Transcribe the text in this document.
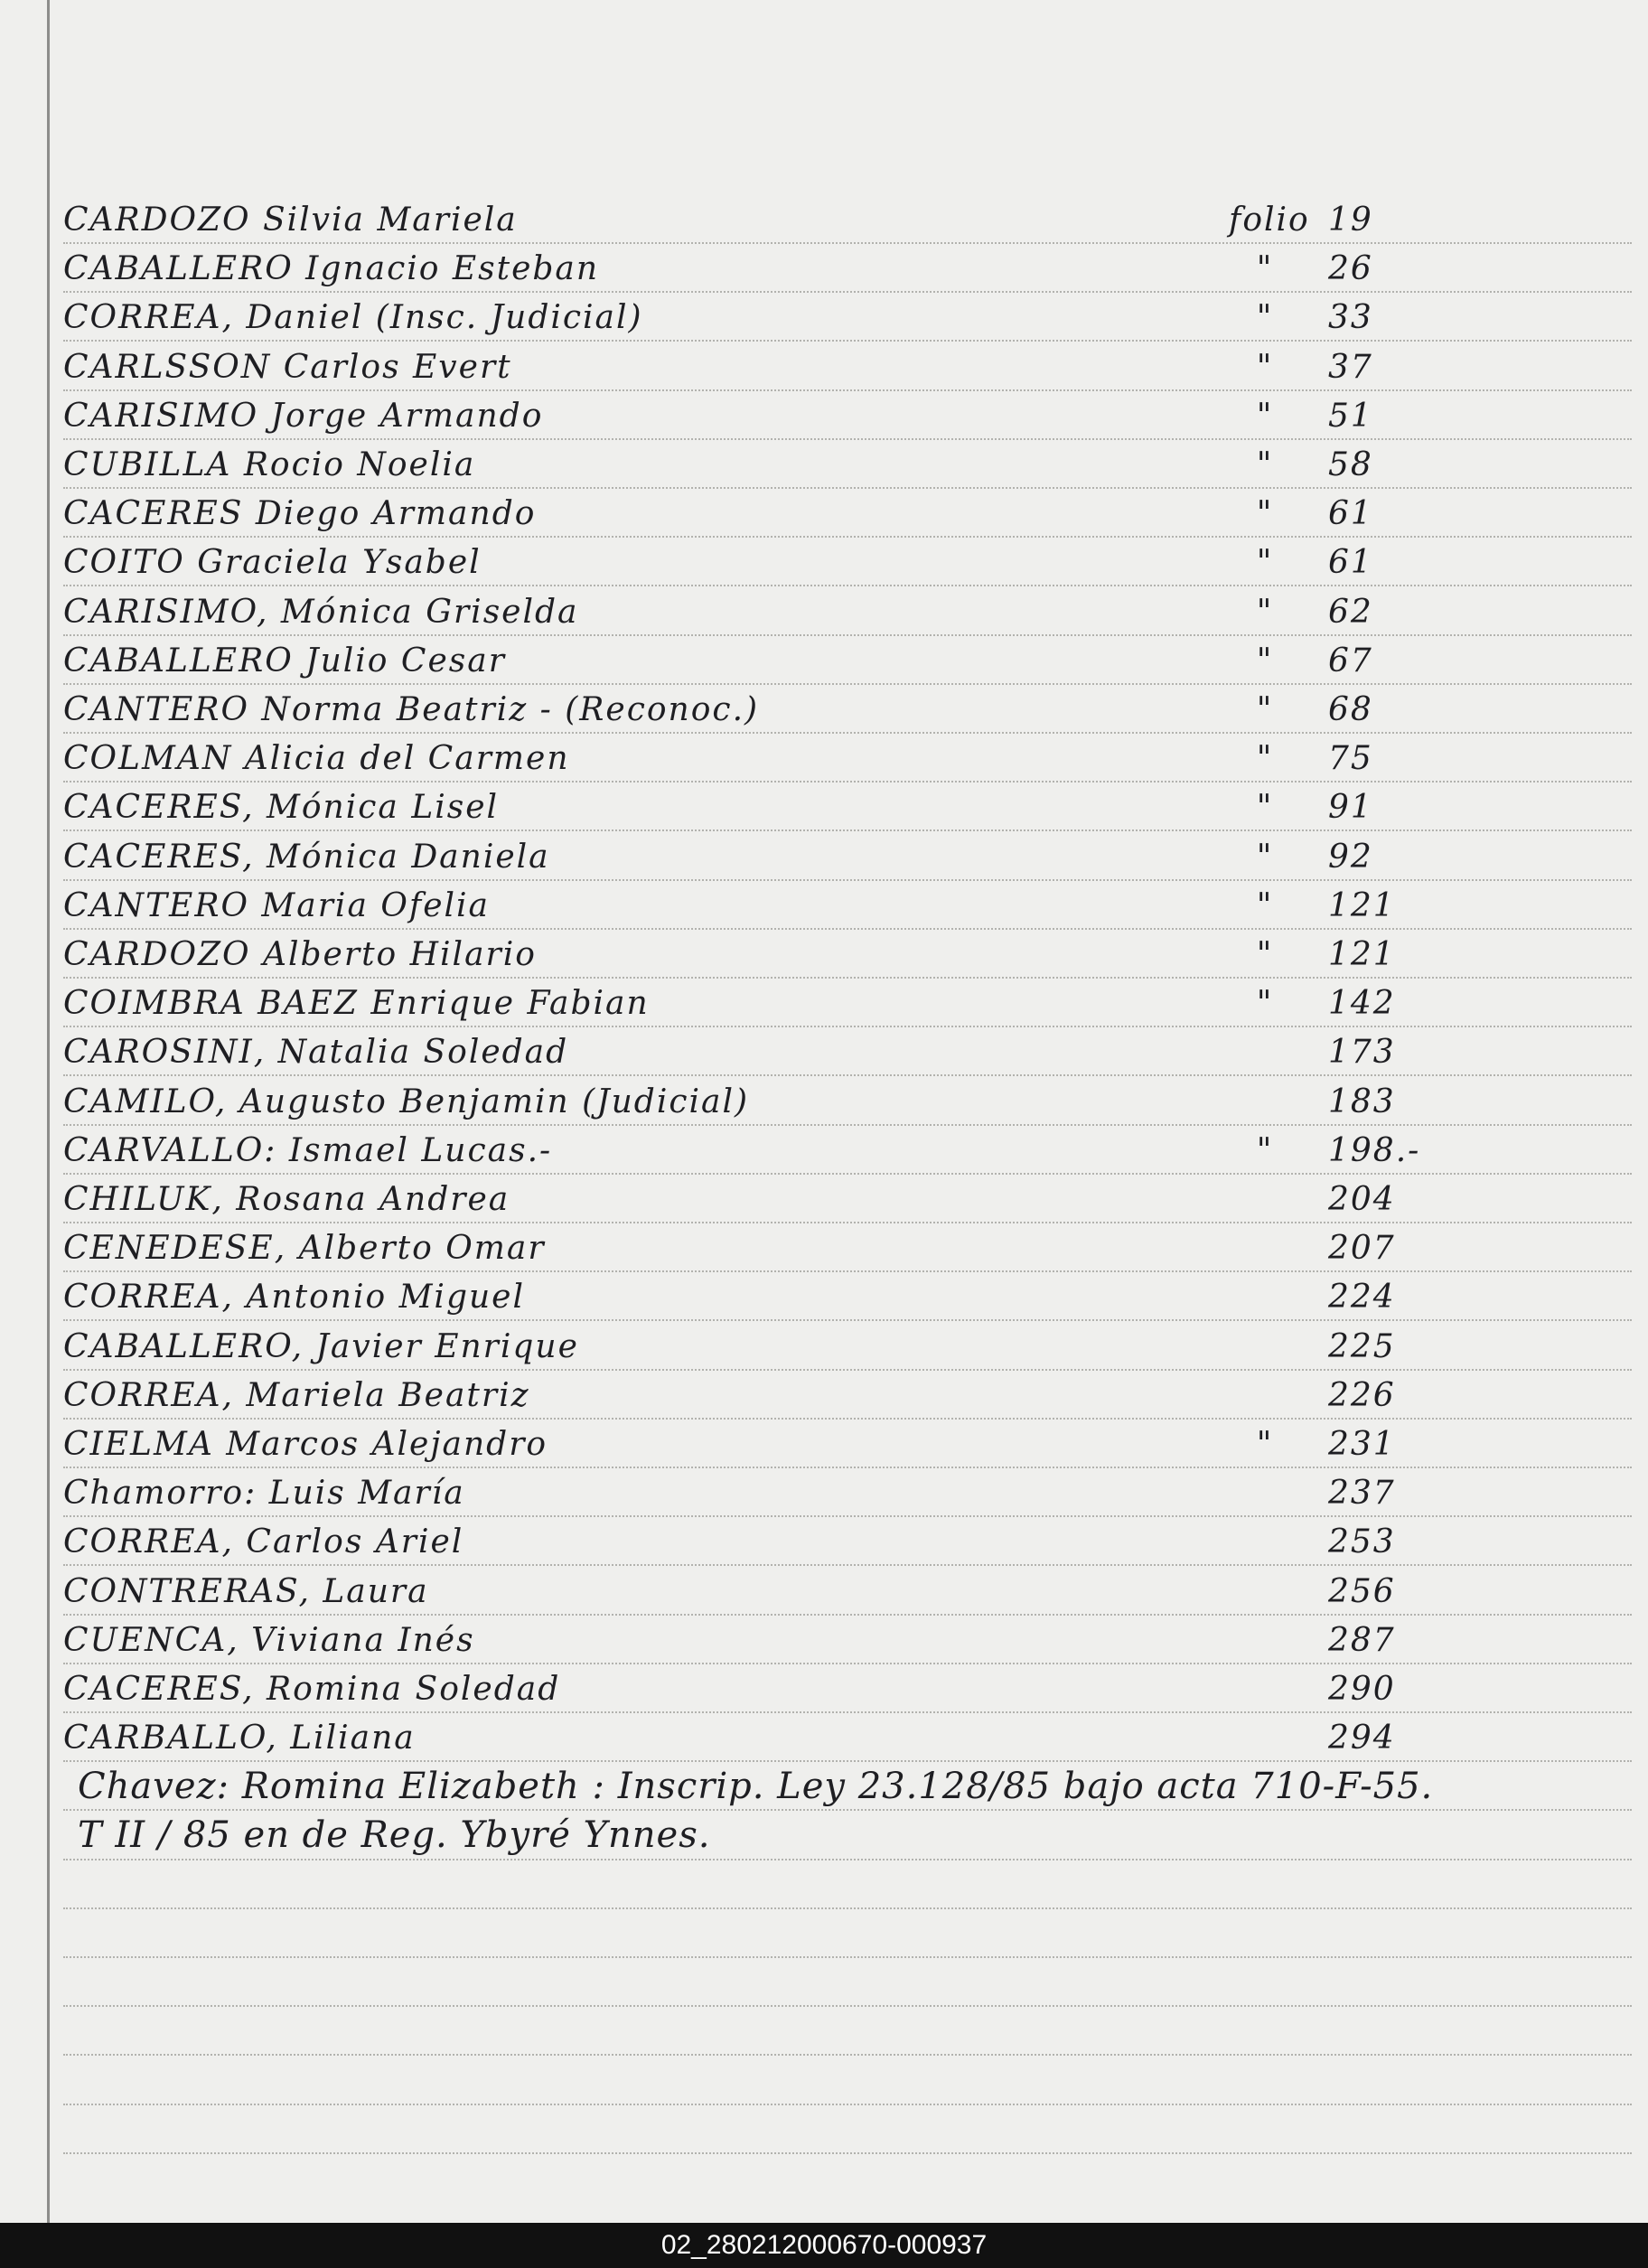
CARDOZO Silvia Mariela	folio 19
CABALLERO Ignacio Esteban	"	26
CORREA, Daniel (Insc. Judicial)	"	33
CARLSSON Carlos Evert	"	37
CARISIMO Jorge Armando	"	51
CUBILLA Rocio Noelia	"	58
CACERES Diego Armando	"	61
COITO Graciela Ysabel	"	61
CARISIMO, Mónica Griselda	"	62
CABALLERO Julio Cesar	"	67
CANTERO Norma Beatriz - (Reconoc.)	"	68
COLMAN Alicia del Carmen	"	75
CACERES, Mónica Lisel	"	91
CACERES, Mónica Daniela	"	92
CANTERO Maria Ofelia	"	121
CARDOZO Alberto Hilario	"	121
COIMBRA BAEZ Enrique Fabian	"	142
CAROSINI, Natalia Soledad	173
CAMILO, Augusto Benjamin (Judicial)	183
CARVALLO: Ismael Lucas.-	"	198.-
CHILUK, Rosana Andrea	204
CENEDESE, Alberto Omar	207
CORREA, Antonio Miguel	224
CABALLERO, Javier Enrique	225
CORREA, Mariela Beatriz	226
CIELMA Marcos Alejandro	"	231
Chamorro: Luis María	237
CORREA, Carlos Ariel	253
CONTRERAS, Laura	256
CUENCA, Viviana Inés	287
CACERES, Romina Soledad	290
CARBALLO, Liliana	294
Chavez: Romina Elizabeth : Inscrip. Ley 23.128/85 bajo acta 710-F-55.
T II / 85 en de Reg. Ybyré Ynnes.
02_280212000670-000937
